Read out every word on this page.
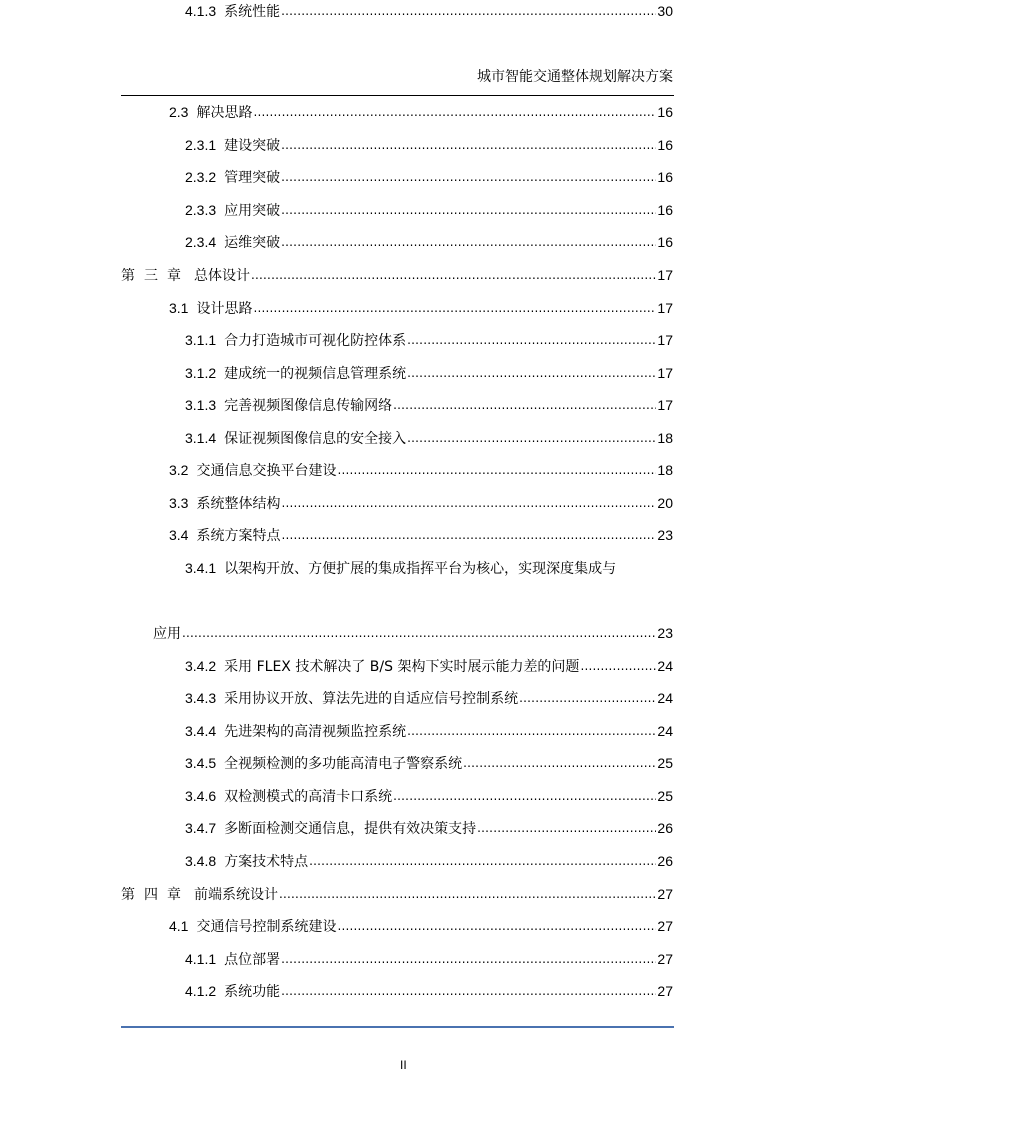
城市智能交通整体规划解决方案
2.3 解决思路 .....	16
2.3.1 建设突破 .....	16
2.3.2 管理突破 .....	16
2.3.3 应用突破 .....	16
2.3.4 运维突破 .....	16
第三章 总体设计 .....	17
3.1 设计思路 .....	17
3.1.1 合力打造城市可视化防控体系 .....	17
3.1.2 建成统一的视频信息管理系统 .....	17
3.1.3 完善视频图像信息传输网络 .....	17
3.1.4 保证视频图像信息的安全接入 .....	18
3.2 交通信息交换平台建设 .....	18
3.3 系统整体结构 .....	20
3.4 系统方案特点 .....	23
3.4.1 以架构开放、方便扩展的集成指挥平台为核心，实现深度集成与
应用 .....	23
3.4.2 采用 FLEX 技术解决了 B/S 架构下实时展示能力差的问题 .....	24
3.4.3 采用协议开放、算法先进的自适应信号控制系统 .....	24
3.4.4 先进架构的高清视频监控系统 .....	24
3.4.5 全视频检测的多功能高清电子警察系统 .....	25
3.4.6 双检测模式的高清卡口系统 .....	25
3.4.7 多断面检测交通信息，提供有效决策支持 .....	26
3.4.8 方案技术特点 .....	26
第四章 前端系统设计 .....	27
4.1 交通信号控制系统建设 .....	27
4.1.1 点位部署 .....	27
4.1.2 系统功能 .....	27
4.1.3 系统性能 .....	30
II
